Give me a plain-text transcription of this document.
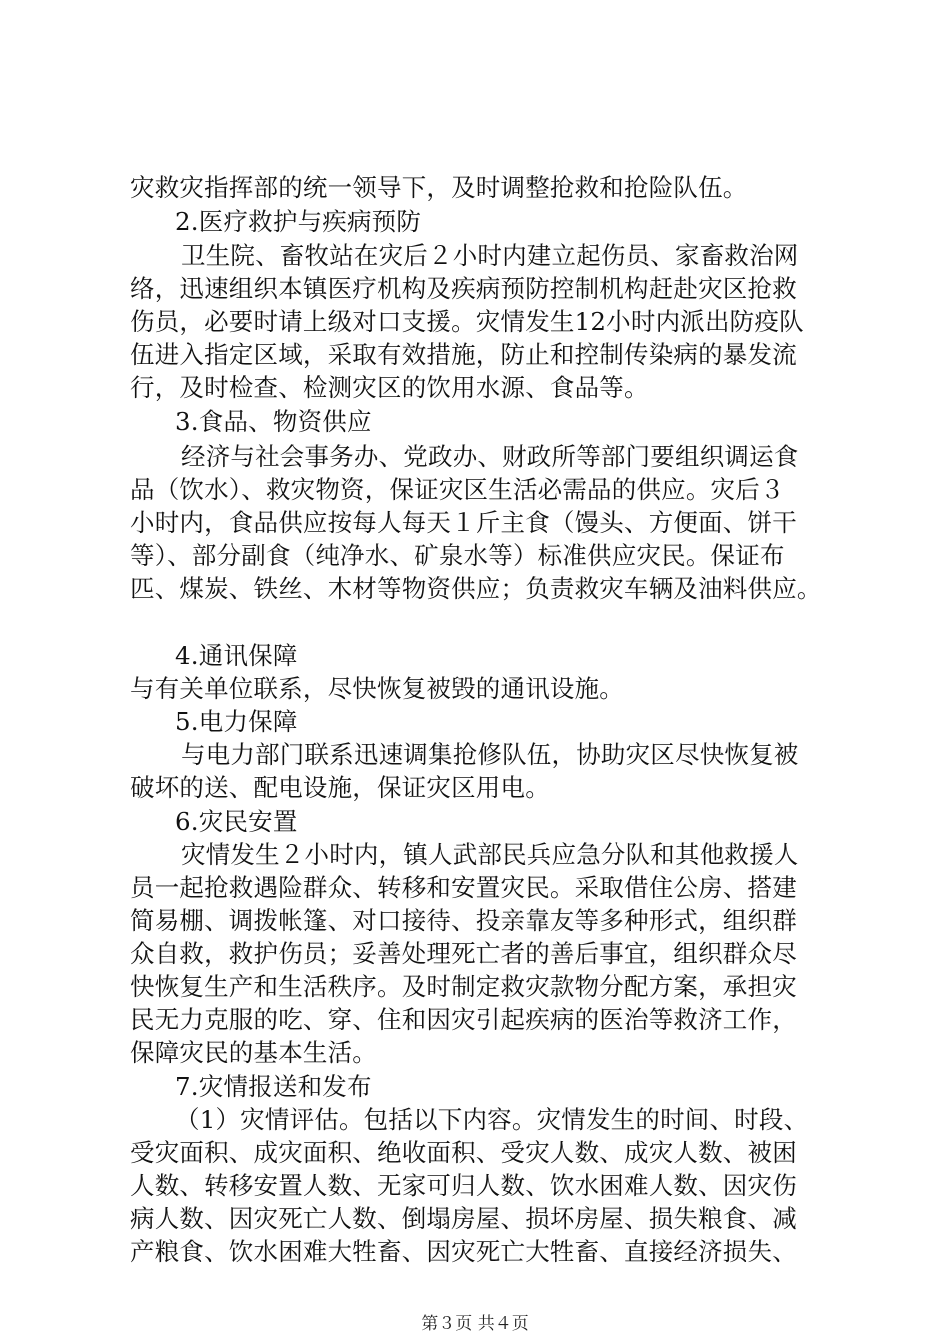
灾救灾指挥部的统一领导下，及时调整抢救和抢险队伍。
2.医疗救护与疾病预防
卫生院、畜牧站在灾后２小时内建立起伤员、家畜救治网
络，迅速组织本镇医疗机构及疾病预防控制机构赶赴灾区抢救
伤员，必要时请上级对口支援。灾情发生12小时内派出防疫队
伍进入指定区域，采取有效措施，防止和控制传染病的暴发流
行，及时检查、检测灾区的饮用水源、食品等。
3.食品、物资供应
经济与社会事务办、党政办、财政所等部门要组织调运食
品（饮水）、救灾物资，保证灾区生活必需品的供应。灾后３
小时内，食品供应按每人每天１斤主食（馒头、方便面、饼干
等）、部分副食（纯净水、矿泉水等）标准供应灾民。保证布
匹、煤炭、铁丝、木材等物资供应；负责救灾车辆及油料供应。
4.通讯保障
与有关单位联系，尽快恢复被毁的通讯设施。
5.电力保障
与电力部门联系迅速调集抢修队伍，协助灾区尽快恢复被
破坏的送、配电设施，保证灾区用电。
6.灾民安置
灾情发生２小时内，镇人武部民兵应急分队和其他救援人
员一起抢救遇险群众、转移和安置灾民。采取借住公房、搭建
简易棚、调拨帐篷、对口接待、投亲靠友等多种形式，组织群
众自救，救护伤员；妥善处理死亡者的善后事宜，组织群众尽
快恢复生产和生活秩序。及时制定救灾款物分配方案，承担灾
民无力克服的吃、穿、住和因灾引起疾病的医治等救济工作，
保障灾民的基本生活。
7.灾情报送和发布
（1）灾情评估。包括以下内容。灾情发生的时间、时段、
受灾面积、成灾面积、绝收面积、受灾人数、成灾人数、被困
人数、转移安置人数、无家可归人数、饮水困难人数、因灾伤
病人数、因灾死亡人数、倒塌房屋、损坏房屋、损失粮食、减
产粮食、饮水困难大牲畜、因灾死亡大牲畜、直接经济损失、
第３页 共４页
